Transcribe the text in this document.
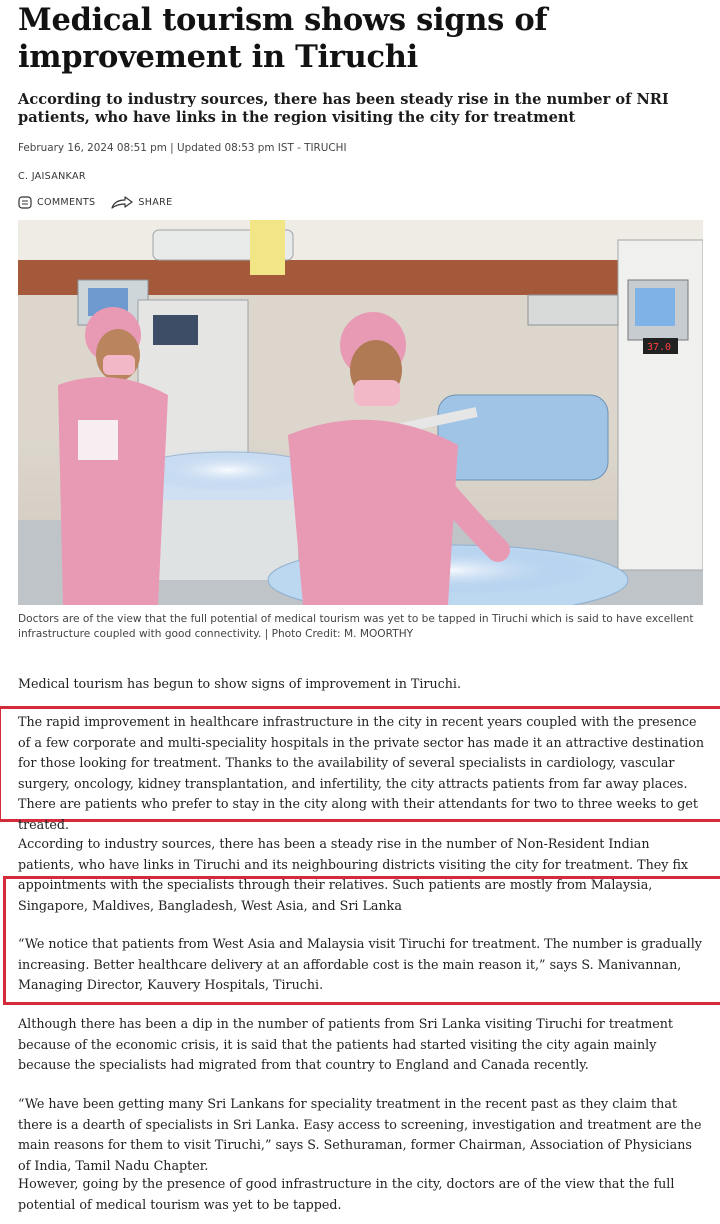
Medical tourism shows signs of improvement in Tiruchi
According to industry sources, there has been steady rise in the number of NRI patients, who have links in the region visiting the city for treatment
February 16, 2024 08:51 pm | Updated 08:53 pm IST - TIRUCHI
C. JAISANKAR
COMMENTS	SHARE
37.0
Doctors are of the view that the full potential of medical tourism was yet to be tapped in Tiruchi which is said to have excellent infrastructure coupled with good connectivity. | Photo Credit: M. MOORTHY

Medical tourism has begun to show signs of improvement in Tiruchi.

The rapid improvement in healthcare infrastructure in the city in recent years coupled with the presence of a few corporate and multi-speciality hospitals in the private sector has made it an attractive destination for those looking for treatment. Thanks to the availability of several specialists in cardiology, vascular surgery, oncology, kidney transplantation, and infertility, the city attracts patients from far away places. There are patients who prefer to stay in the city along with their attendants for two to three weeks to get treated.

According to industry sources, there has been a steady rise in the number of Non-Resident Indian patients, who have links in Tiruchi and its neighbouring districts visiting the city for treatment. They fix appointments with the specialists through their relatives. Such patients are mostly from Malaysia, Singapore, Maldives, Bangladesh, West Asia, and Sri Lanka

“We notice that patients from West Asia and Malaysia visit Tiruchi for treatment. The number is gradually increasing. Better healthcare delivery at an affordable cost is the main reason it,” says S. Manivannan, Managing Director, Kauvery Hospitals, Tiruchi.

Although there has been a dip in the number of patients from Sri Lanka visiting Tiruchi for treatment because of the economic crisis, it is said that the patients had started visiting the city again mainly because the specialists had migrated from that country to England and Canada recently.

“We have been getting many Sri Lankans for speciality treatment in the recent past as they claim that there is a dearth of specialists in Sri Lanka. Easy access to screening, investigation and treatment are the main reasons for them to visit Tiruchi,” says S. Sethuraman, former Chairman, Association of Physicians of India, Tamil Nadu Chapter.

However, going by the presence of good infrastructure in the city, doctors are of the view that the full potential of medical tourism was yet to be tapped.
